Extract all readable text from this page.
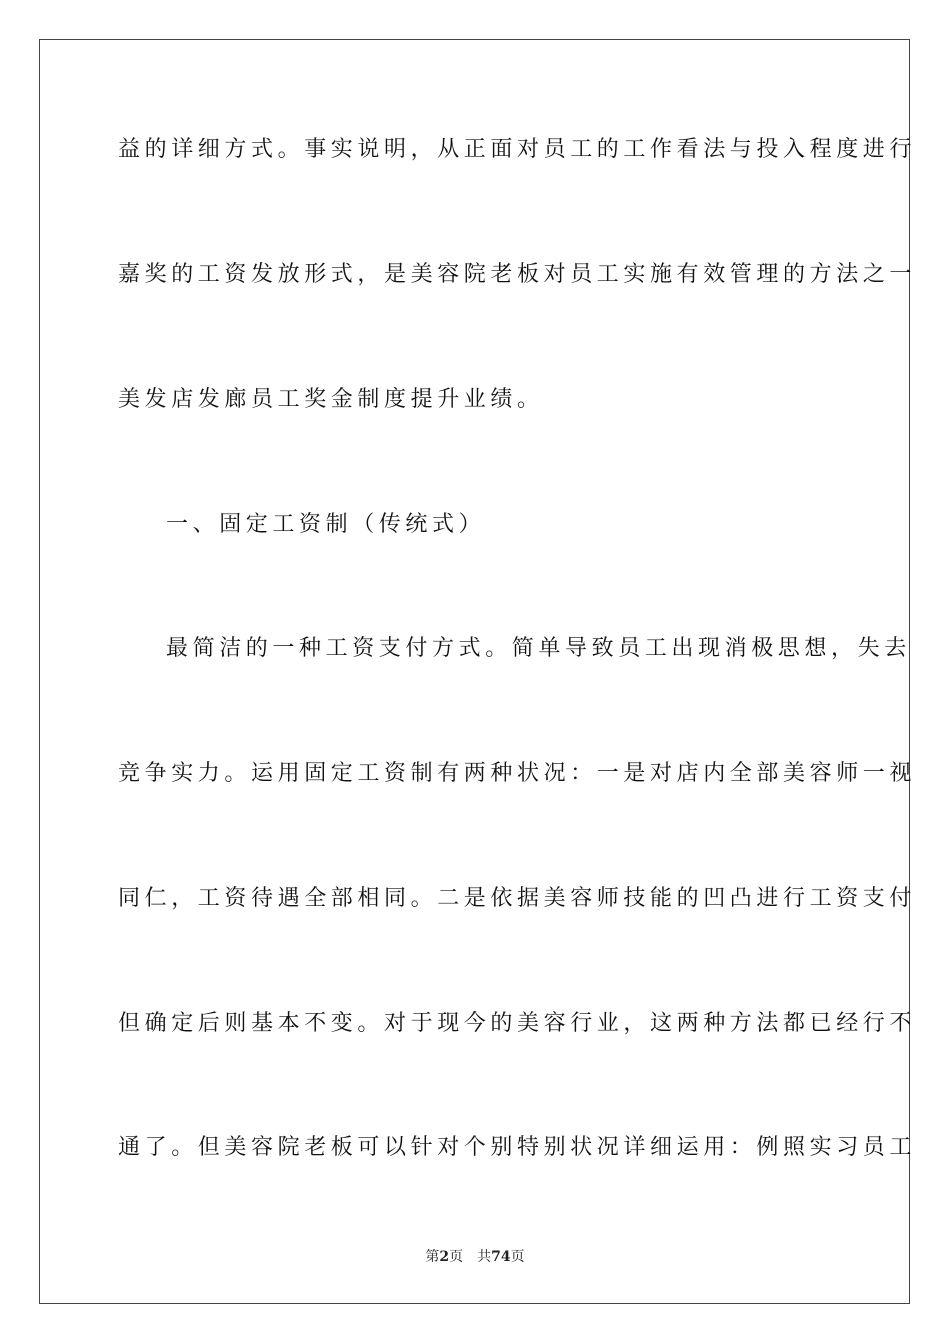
益的详细方式。事实说明，从正面对员工的工作看法与投入程度进行
嘉奖的工资发放形式，是美容院老板对员工实施有效管理的方法之一
美发店发廊员工奖金制度提升业绩。
一、固定工资制（传统式）
最简洁的一种工资支付方式。简单导致员工出现消极思想，失去
竞争实力。运用固定工资制有两种状况：一是对店内全部美容师一视
同仁，工资待遇全部相同。二是依据美容师技能的凹凸进行工资支付
但确定后则基本不变。对于现今的美容行业，这两种方法都已经行不
通了。但美容院老板可以针对个别特别状况详细运用：例照实习员工
第2页 共74页
